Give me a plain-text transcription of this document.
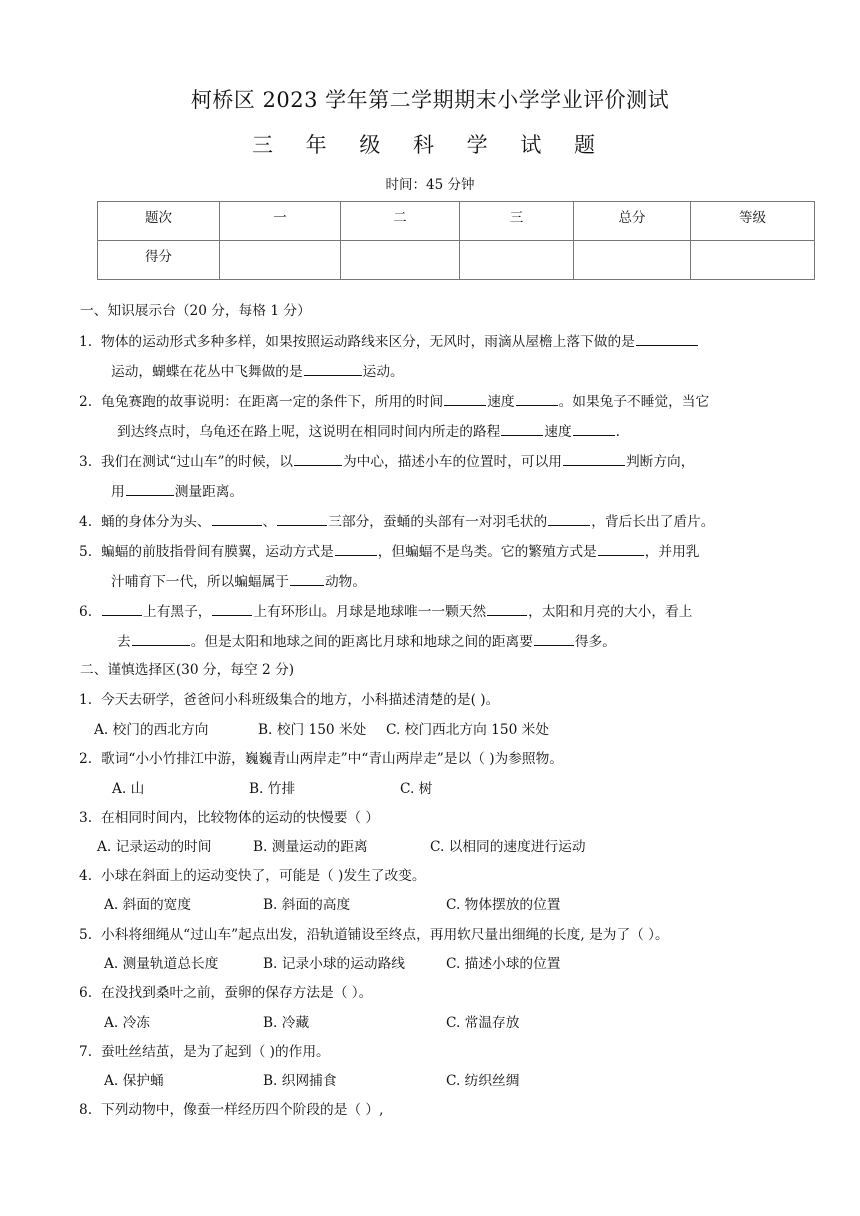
柯桥区 2023 学年第二学期期末小学学业评价测试
三 年 级 科 学 试 题
时间：45 分钟
题次	一	二	三	总分	等级
得分					
一、知识展示台（20 分，每格 1 分）
1. 物体的运动形式多种多样，如果按照运动路线来区分，无风时，雨滴从屋檐上落下做的是
运动，蝴蝶在花丛中飞舞做的是	运动。
2. 龟兔赛跑的故事说明：在距离一定的条件下，所用的时间	速度	。如果兔子不睡觉，当它
到达终点时，乌龟还在路上呢，这说明在相同时间内所走的路程	速度	.
3. 我们在测试“过山车”的时候，以	为中心，描述小车的位置时，可以用	判断方向，
用	测量距离。
4. 蛹的身体分为头、	、	三部分，蚕蛹的头部有一对羽毛状的	，背后长出了盾片。
5. 蝙蝠的前肢指骨间有膜翼，运动方式是	，但蝙蝠不是鸟类。它的繁殖方式是	，并用乳
汁哺育下一代，所以蝙蝠属于	动物。
6.	上有黑子，	上有环形山。月球是地球唯一一颗天然	，太阳和月亮的大小，看上
去	。但是太阳和地球之间的距离比月球和地球之间的距离要	得多。
二、谨慎选择区(30 分，每空 2 分)
1. 今天去研学，爸爸问小科班级集合的地方，小科描述清楚的是( )。
A. 校门的西北方向	B. 校门 150 米处 C. 校门西北方向 150 米处
2. 歌词“小小竹排江中游，巍巍青山两岸走”中“青山两岸走”是以（ )为参照物。
A. 山	B. 竹排	C. 树
3. 在相同时间内，比较物体的运动的快慢要（ ）
A. 记录运动的时间	B. 测量运动的距离	C. 以相同的速度进行运动
4. 小球在斜面上的运动变快了，可能是（ )发生了改变。
A. 斜面的宽度	B. 斜面的高度	C. 物体摆放的位置
5. 小科将细绳从“过山车”起点出发，沿轨道铺设至终点，再用软尺量出细绳的长度, 是为了（ ）。
A. 测量轨道总长度	B. 记录小球的运动路线	C. 描述小球的位置
6. 在没找到桑叶之前，蚕卵的保存方法是（ ）。
A. 冷冻	B. 冷藏	C. 常温存放
7. 蚕吐丝结茧，是为了起到（ )的作用。
A. 保护蛹	B. 织网捕食	C. 纺织丝绸
8. 下列动物中，像蚕一样经历四个阶段的是（ ）,
